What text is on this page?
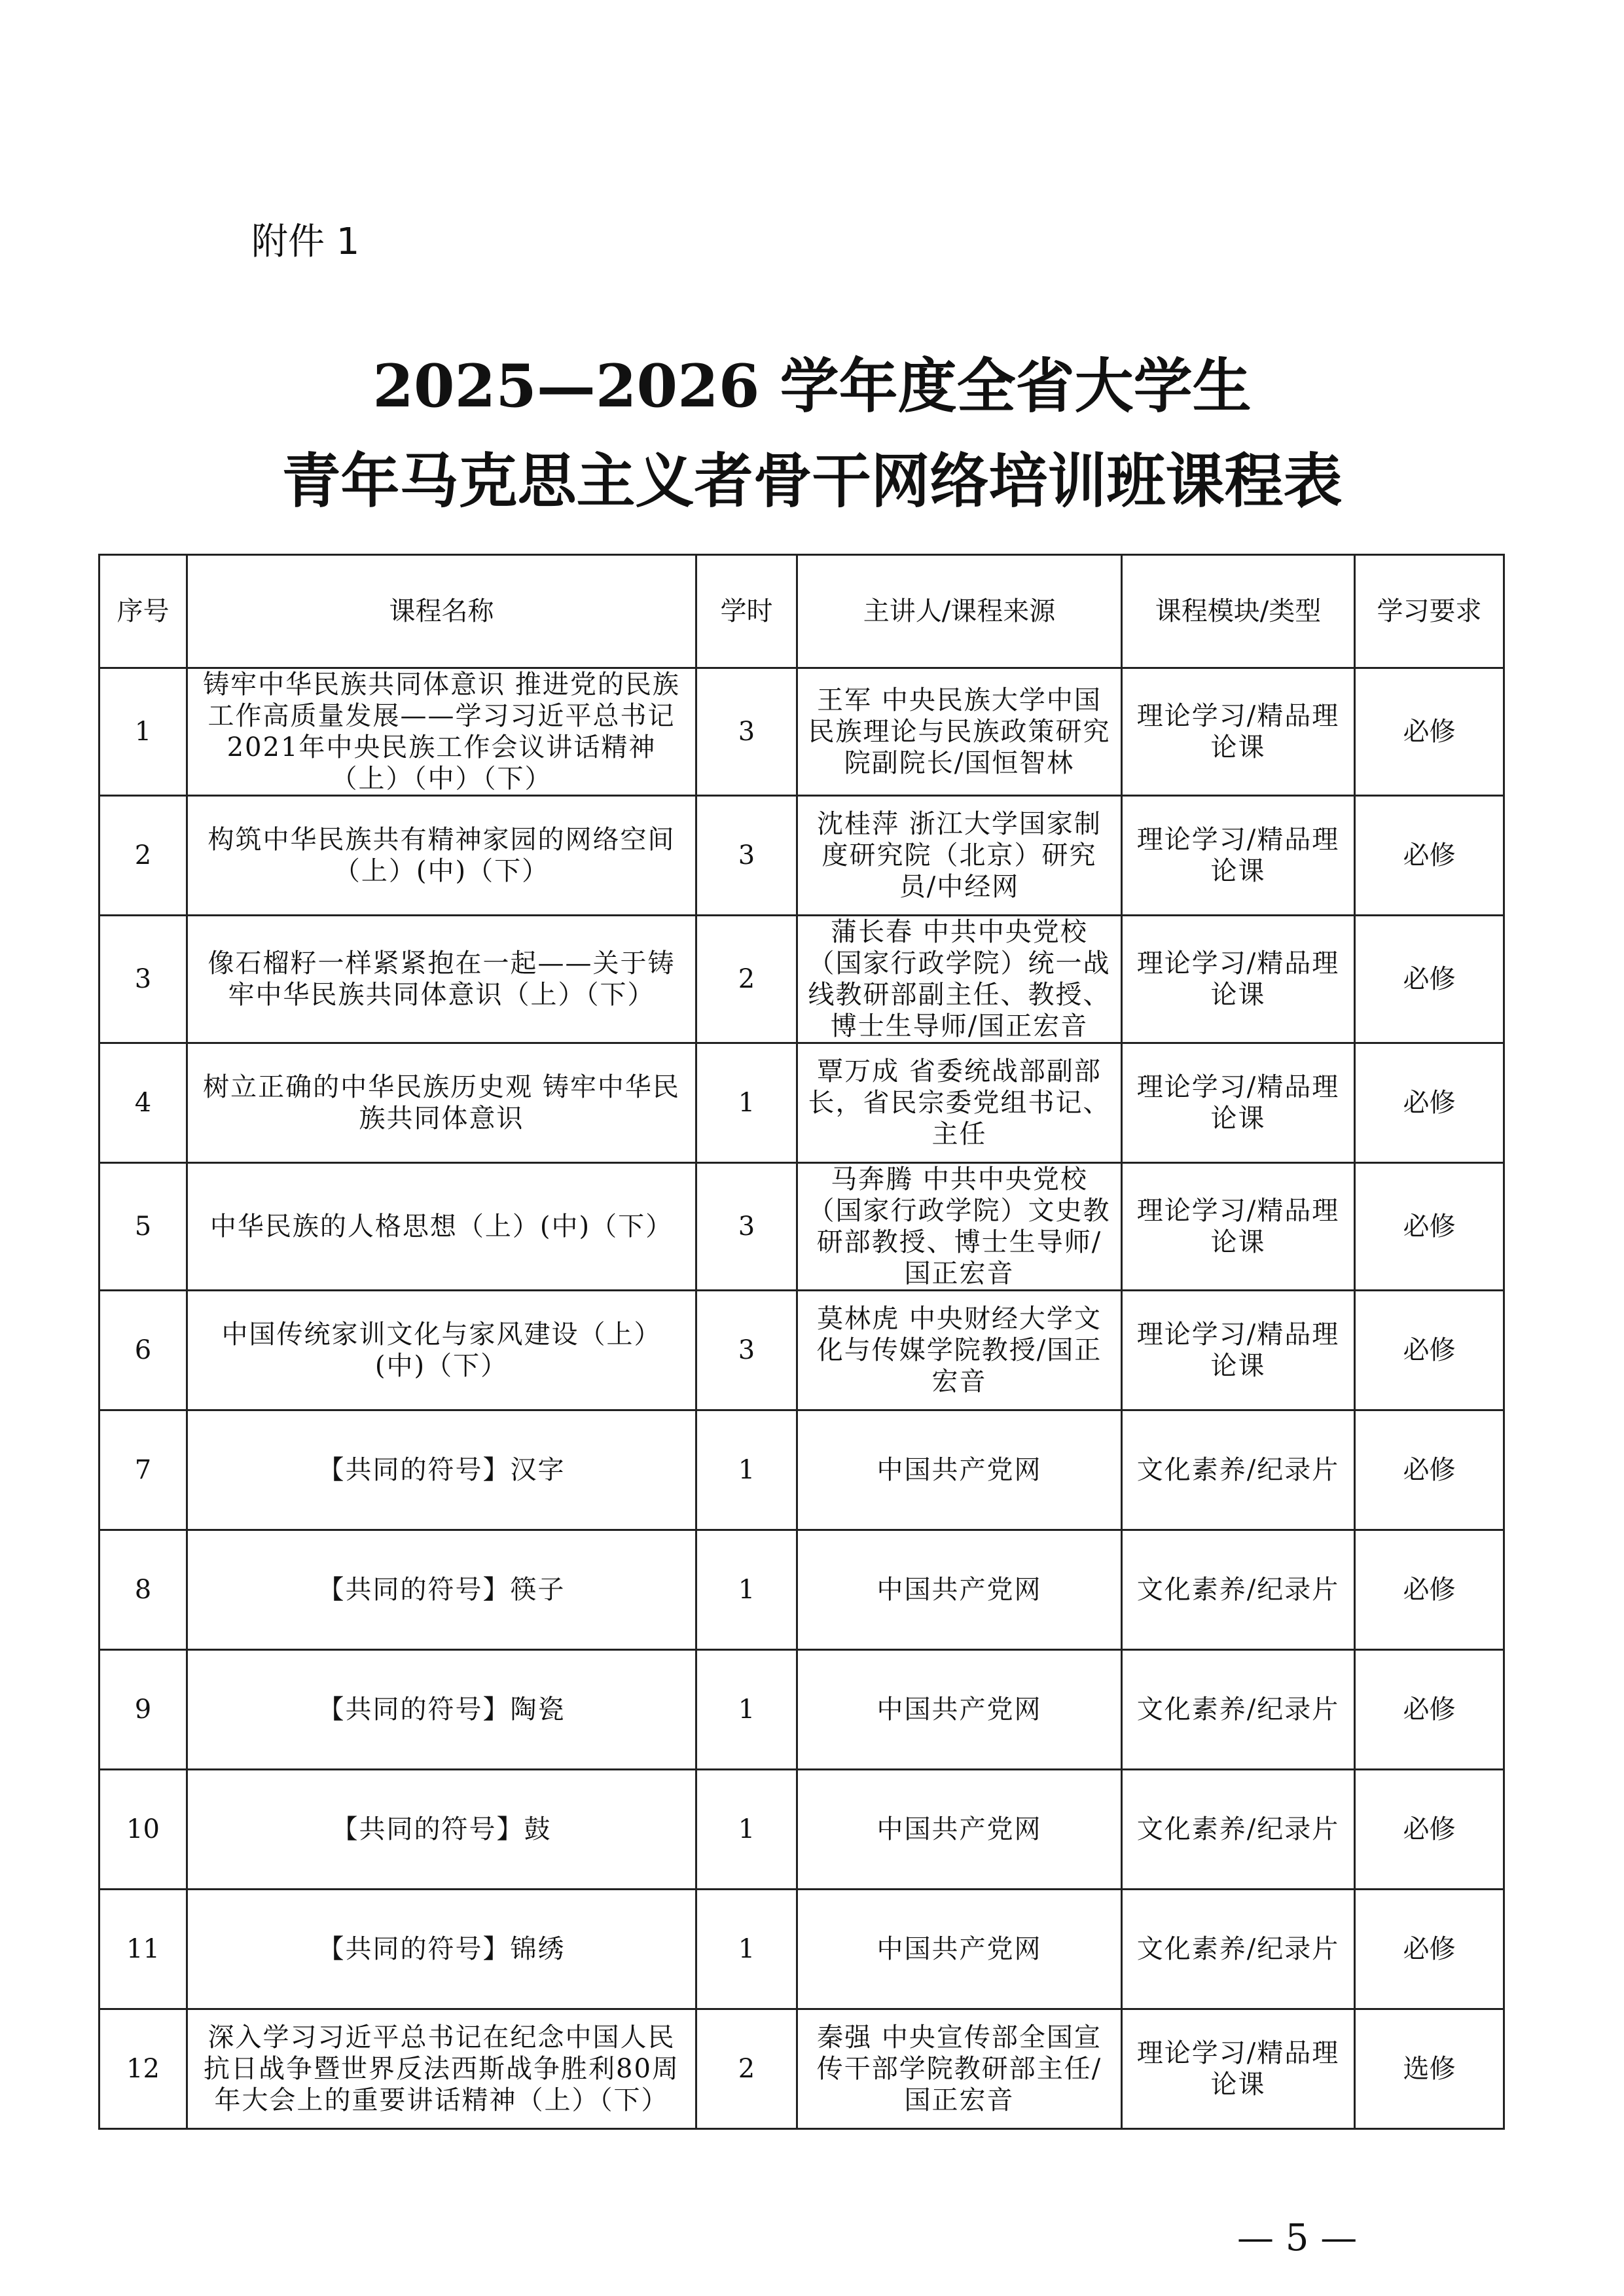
附件 1
2025—2026 学年度全省大学生
青年马克思主义者骨干网络培训班课程表
序号	课程名称	学时	主讲人/课程来源	课程模块/类型	学习要求
1	铸牢中华民族共同体意识 推进党的民族工作高质量发展——学习习近平总书记2021年中央民族工作会议讲话精神（上）（中）（下）	3	王军 中央民族大学中国民族理论与民族政策研究院副院长/国恒智林	理论学习/精品理论课	必修
2	构筑中华民族共有精神家园的网络空间（上）(中)（下）	3	沈桂萍 浙江大学国家制度研究院（北京）研究员/中经网	理论学习/精品理论课	必修
3	像石榴籽一样紧紧抱在一起——关于铸牢中华民族共同体意识（上）（下）	2	蒲长春 中共中央党校（国家行政学院）统一战线教研部副主任、教授、博士生导师/国正宏音	理论学习/精品理论课	必修
4	树立正确的中华民族历史观 铸牢中华民族共同体意识	1	覃万成 省委统战部副部长，省民宗委党组书记、主任	理论学习/精品理论课	必修
5	中华民族的人格思想（上）(中)（下）	3	马奔腾 中共中央党校（国家行政学院）文史教研部教授、博士生导师/国正宏音	理论学习/精品理论课	必修
6	中国传统家训文化与家风建设（上）(中)（下）	3	莫林虎 中央财经大学文化与传媒学院教授/国正宏音	理论学习/精品理论课	必修
7	【共同的符号】汉字	1	中国共产党网	文化素养/纪录片	必修
8	【共同的符号】筷子	1	中国共产党网	文化素养/纪录片	必修
9	【共同的符号】陶瓷	1	中国共产党网	文化素养/纪录片	必修
10	【共同的符号】鼓	1	中国共产党网	文化素养/纪录片	必修
11	【共同的符号】锦绣	1	中国共产党网	文化素养/纪录片	必修
12	深入学习习近平总书记在纪念中国人民抗日战争暨世界反法西斯战争胜利80周年大会上的重要讲话精神（上）（下）	2	秦强 中央宣传部全国宣传干部学院教研部主任/国正宏音	理论学习/精品理论课	选修
— 5 —
